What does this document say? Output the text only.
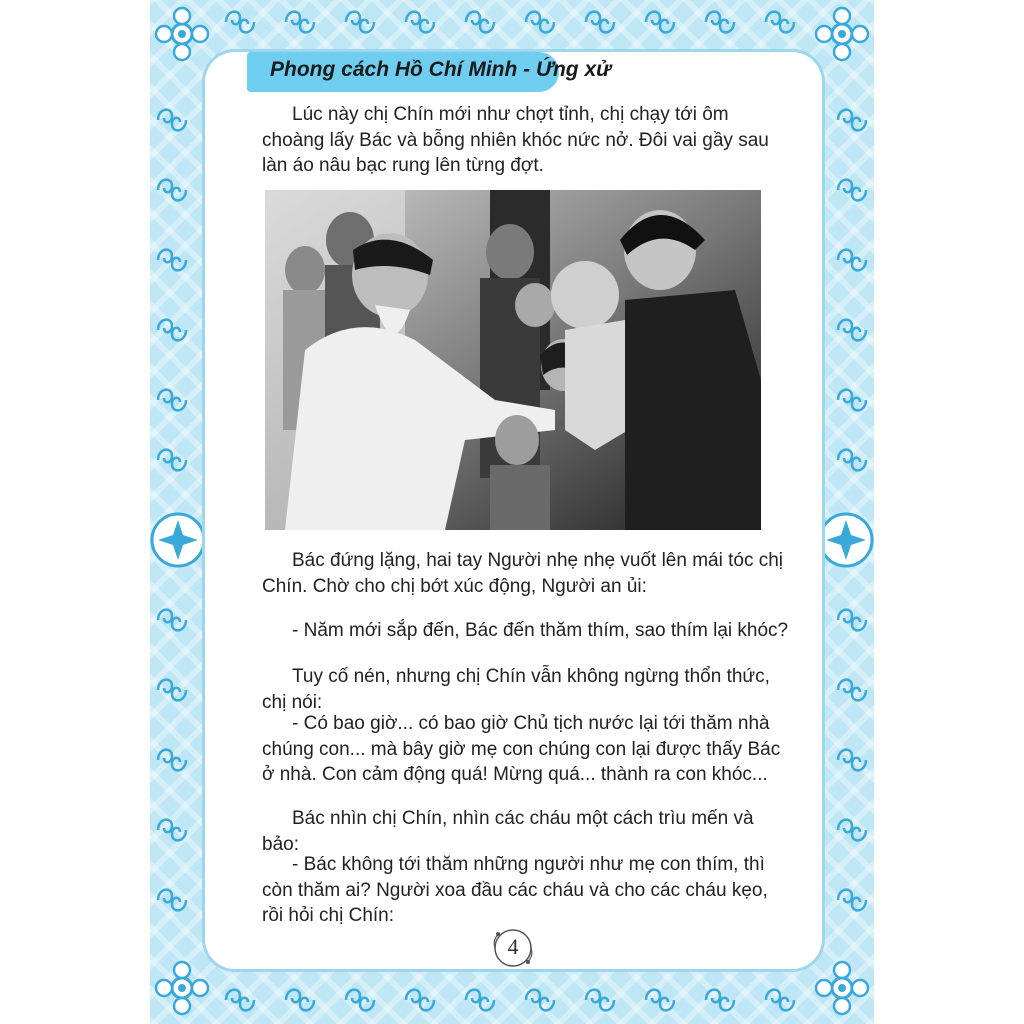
Phong cách Hồ Chí Minh - Ứng xử

Lúc này chị Chín mới như chợt tỉnh, chị chạy tới ôm choàng lấy Bác và bỗng nhiên khóc nức nở. Đôi vai gầy sau làn áo nâu bạc rung lên từng đợt.

Bác đứng lặng, hai tay Người nhẹ nhẹ vuốt lên mái tóc chị Chín. Chờ cho chị bớt xúc động, Người an ủi:

- Năm mới sắp đến, Bác đến thăm thím, sao thím lại khóc?

Tuy cố nén, nhưng chị Chín vẫn không ngừng thổn thức, chị nói:

- Có bao giờ... có bao giờ Chủ tịch nước lại tới thăm nhà chúng con... mà bây giờ mẹ con chúng con lại được thấy Bác ở nhà. Con cảm động quá! Mừng quá... thành ra con khóc...

Bác nhìn chị Chín, nhìn các cháu một cách trìu mến và bảo:

- Bác không tới thăm những người như mẹ con thím, thì còn thăm ai? Người xoa đầu các cháu và cho các cháu kẹo, rồi hỏi chị Chín:

4
